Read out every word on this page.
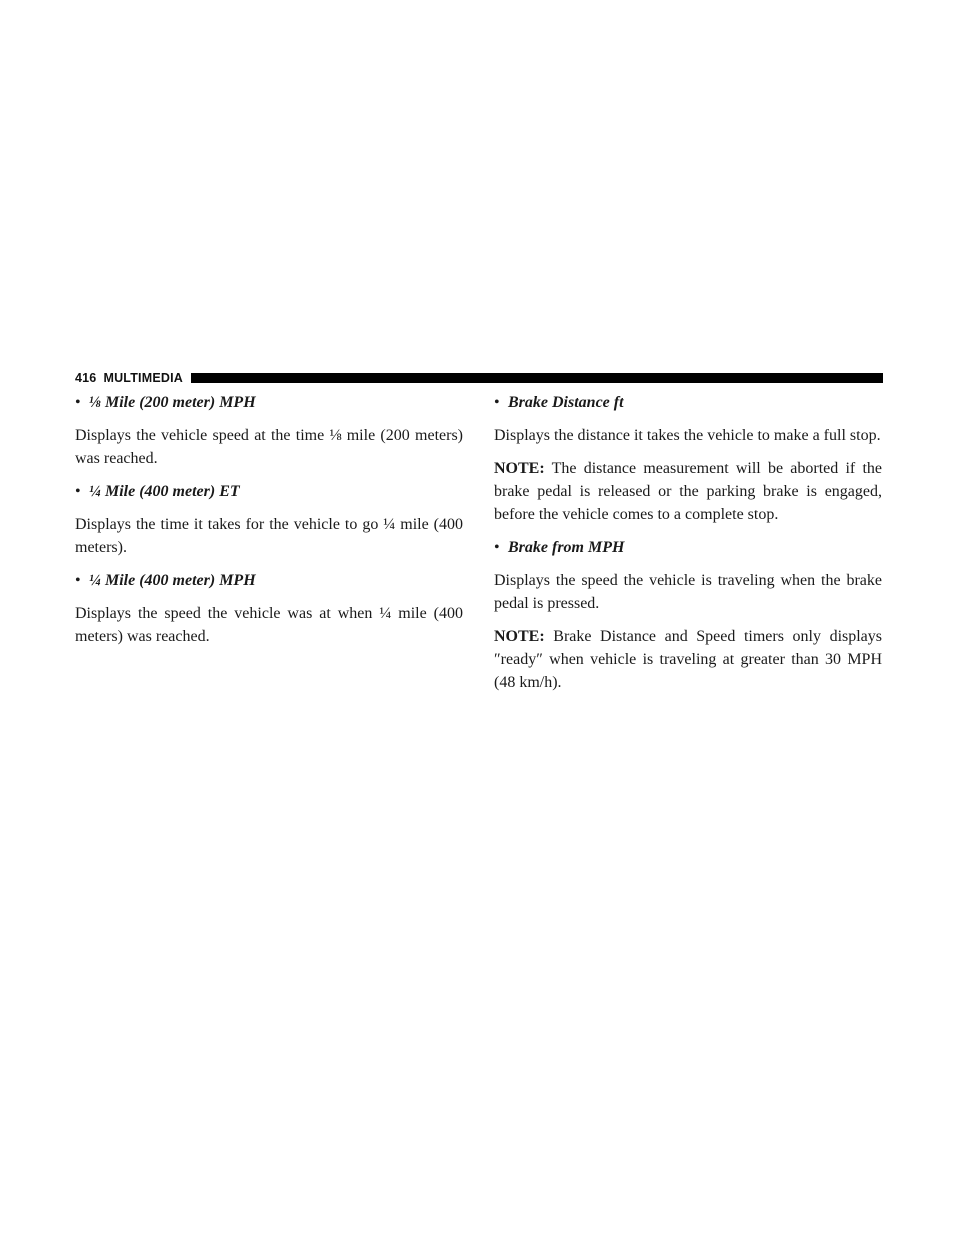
416 MULTIMEDIA
• ⅛ Mile (200 meter) MPH

Displays the vehicle speed at the time ⅛ mile (200 meters) was reached.

• ¼ Mile (400 meter) ET

Displays the time it takes for the vehicle to go ¼ mile (400 meters).

• ¼ Mile (400 meter) MPH

Displays the speed the vehicle was at when ¼ mile (400 meters) was reached.

• Brake Distance ft

Displays the distance it takes the vehicle to make a full stop.

NOTE: The distance measurement will be aborted if the brake pedal is released or the parking brake is engaged, before the vehicle comes to a complete stop.

• Brake from MPH

Displays the speed the vehicle is traveling when the brake pedal is pressed.

NOTE: Brake Distance and Speed timers only displays ″ready″ when vehicle is traveling at greater than 30 MPH (48 km/h).
